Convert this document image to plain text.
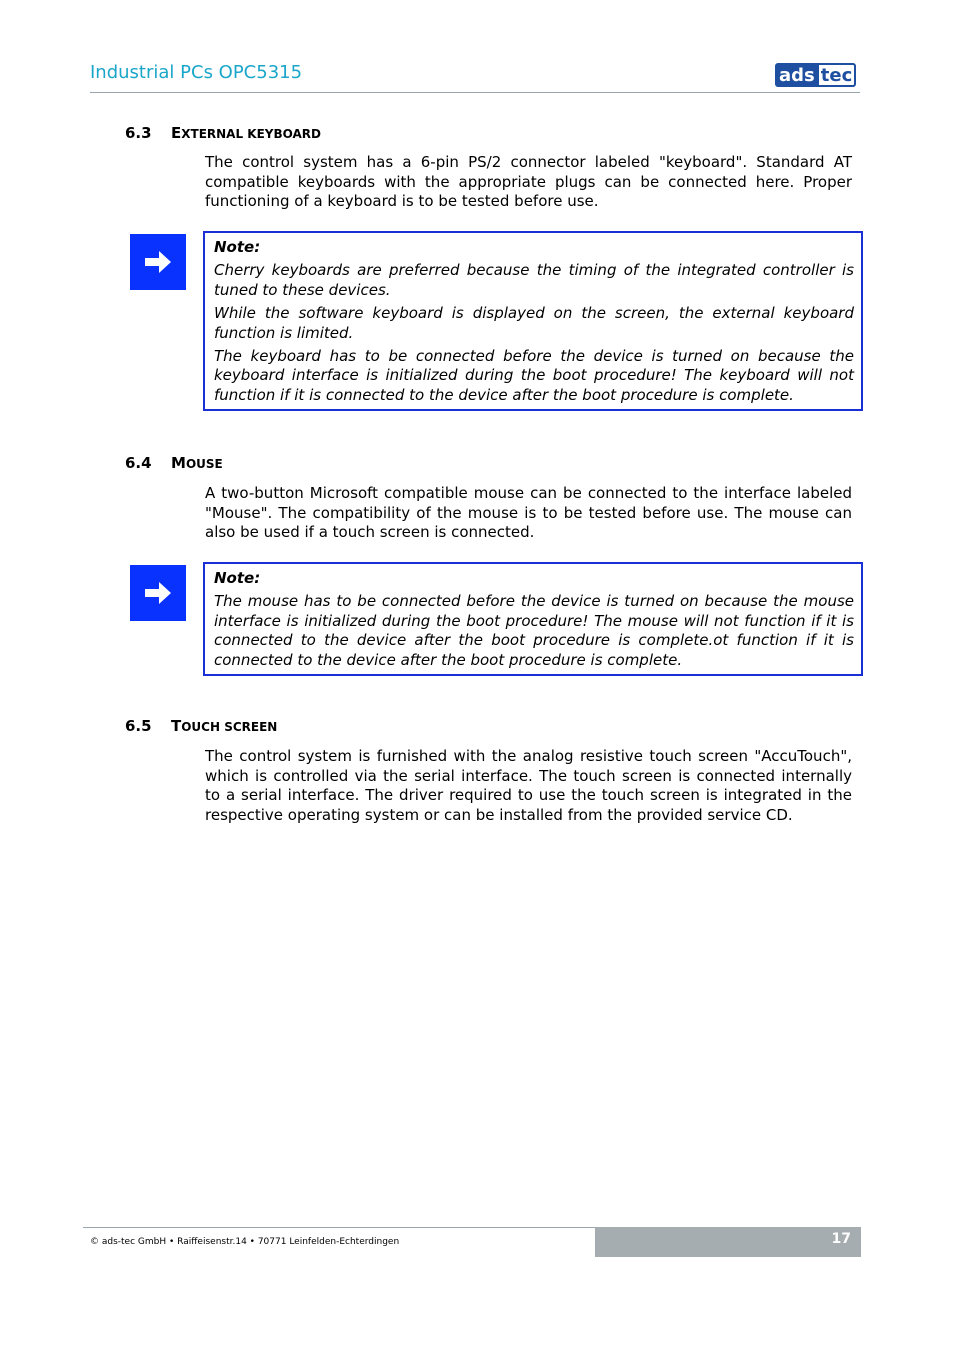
Industrial PCs OPC5315	ads tec
6.3 EXTERNAL KEYBOARD
The control system has a 6-pin PS/2 connector labeled "keyboard". Standard AT compatible keyboards with the appropriate plugs can be connected here. Proper functioning of a keyboard is to be tested before use.
Note:

Cherry keyboards are preferred because the timing of the integrated controller is tuned to these devices.

While the software keyboard is displayed on the screen, the external keyboard function is limited.

The keyboard has to be connected before the device is turned on because the keyboard interface is initialized during the boot procedure! The keyboard will not function if it is connected to the device after the boot procedure is complete.

6.4 MOUSE
A two-button Microsoft compatible mouse can be connected to the interface labeled "Mouse". The compatibility of the mouse is to be tested before use. The mouse can also be used if a touch screen is connected.
Note:

The mouse has to be connected before the device is turned on because the mouse interface is initialized during the boot procedure! The mouse will not function if it is connected to the device after the boot procedure is complete.ot function if it is connected to the device after the boot procedure is complete.

6.5 TOUCH SCREEN
The control system is furnished with the analog resistive touch screen "AccuTouch", which is controlled via the serial interface. The touch screen is connected internally to a serial interface. The driver required to use the touch screen is integrated in the respective operating system or can be installed from the provided service CD.
© ads-tec GmbH • Raiffeisenstr.14 • 70771 Leinfelden-Echterdingen	17
